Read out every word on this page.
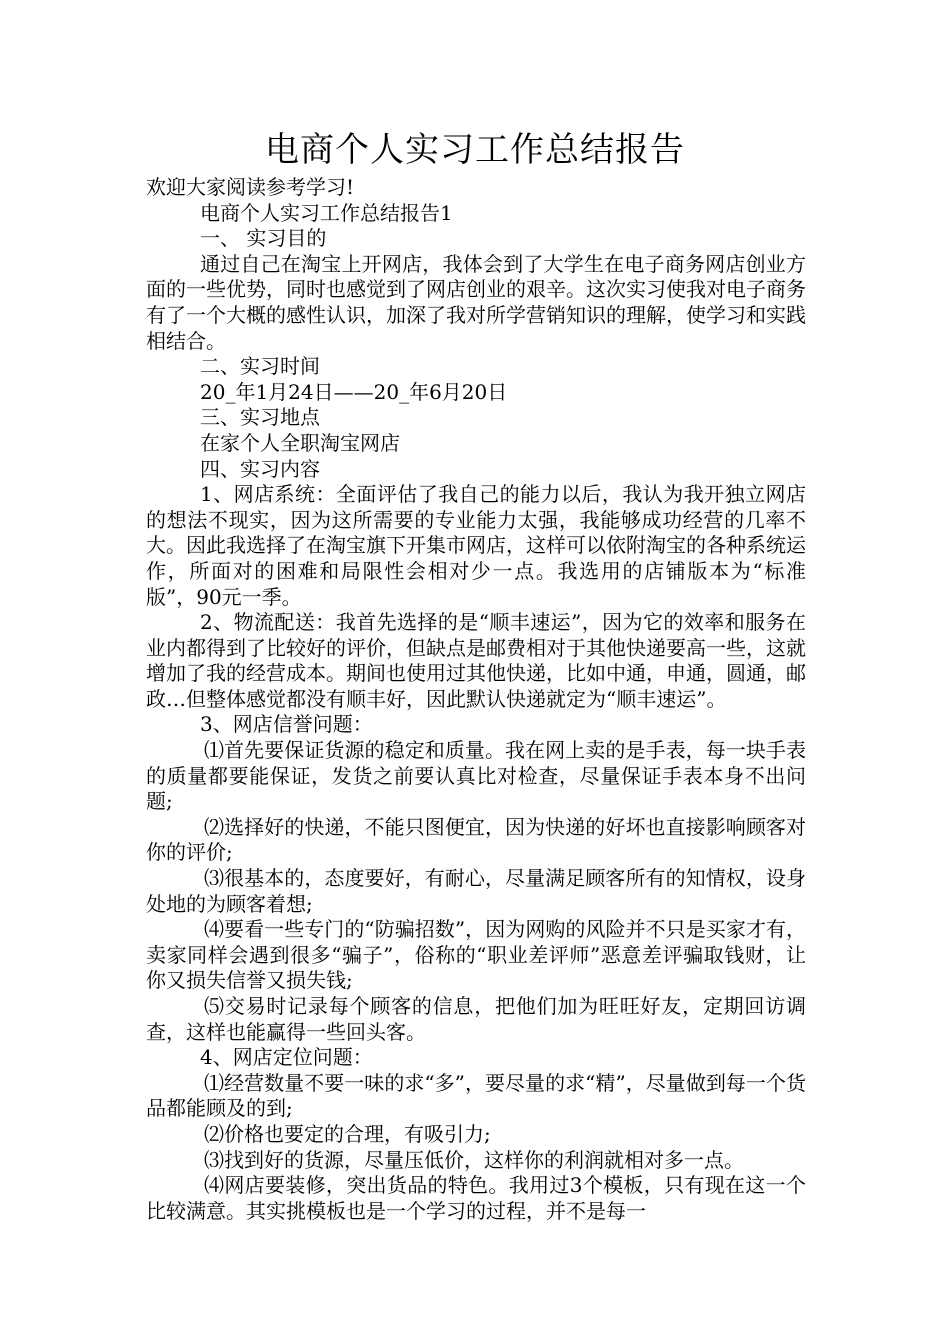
电商个人实习工作总结报告

欢迎大家阅读参考学习!

电商个人实习工作总结报告1

一、 实习目的

通过自己在淘宝上开网店，我体会到了大学生在电子商务网店创业方面的一些优势，同时也感觉到了网店创业的艰辛。这次实习使我对电子商务有了一个大概的感性认识，加深了我对所学营销知识的理解，使学习和实践相结合。

二、实习时间

20_年1月24日——20_年6月20日

三、实习地点

在家个人全职淘宝网店

四、实习内容

1、网店系统：全面评估了我自己的能力以后，我认为我开独立网店的想法不现实，因为这所需要的专业能力太强，我能够成功经营的几率不大。因此我选择了在淘宝旗下开集市网店，这样可以依附淘宝的各种系统运作，所面对的困难和局限性会相对少一点。我选用的店铺版本为“标准版”，90元一季。

2、物流配送：我首先选择的是“顺丰速运”，因为它的效率和服务在业内都得到了比较好的评价，但缺点是邮费相对于其他快递要高一些，这就增加了我的经营成本。期间也使用过其他快递，比如中通，申通，圆通，邮政…但整体感觉都没有顺丰好，因此默认快递就定为“顺丰速运”。

3、网店信誉问题：

⑴首先要保证货源的稳定和质量。我在网上卖的是手表，每一块手表的质量都要能保证，发货之前要认真比对检查，尽量保证手表本身不出问题;

⑵选择好的快递，不能只图便宜，因为快递的好坏也直接影响顾客对你的评价;

⑶很基本的，态度要好，有耐心，尽量满足顾客所有的知情权，设身处地的为顾客着想;

⑷要看一些专门的“防骗招数”，因为网购的风险并不只是买家才有，卖家同样会遇到很多“骗子”，俗称的“职业差评师”恶意差评骗取钱财，让你又损失信誉又损失钱;

⑸交易时记录每个顾客的信息，把他们加为旺旺好友，定期回访调查，这样也能赢得一些回头客。

4、网店定位问题：

⑴经营数量不要一味的求“多”，要尽量的求“精”，尽量做到每一个货品都能顾及的到;

⑵价格也要定的合理，有吸引力;

⑶找到好的货源，尽量压低价，这样你的利润就相对多一点。

⑷网店要装修，突出货品的特色。我用过3个模板，只有现在这一个比较满意。其实挑模板也是一个学习的过程，并不是每一
